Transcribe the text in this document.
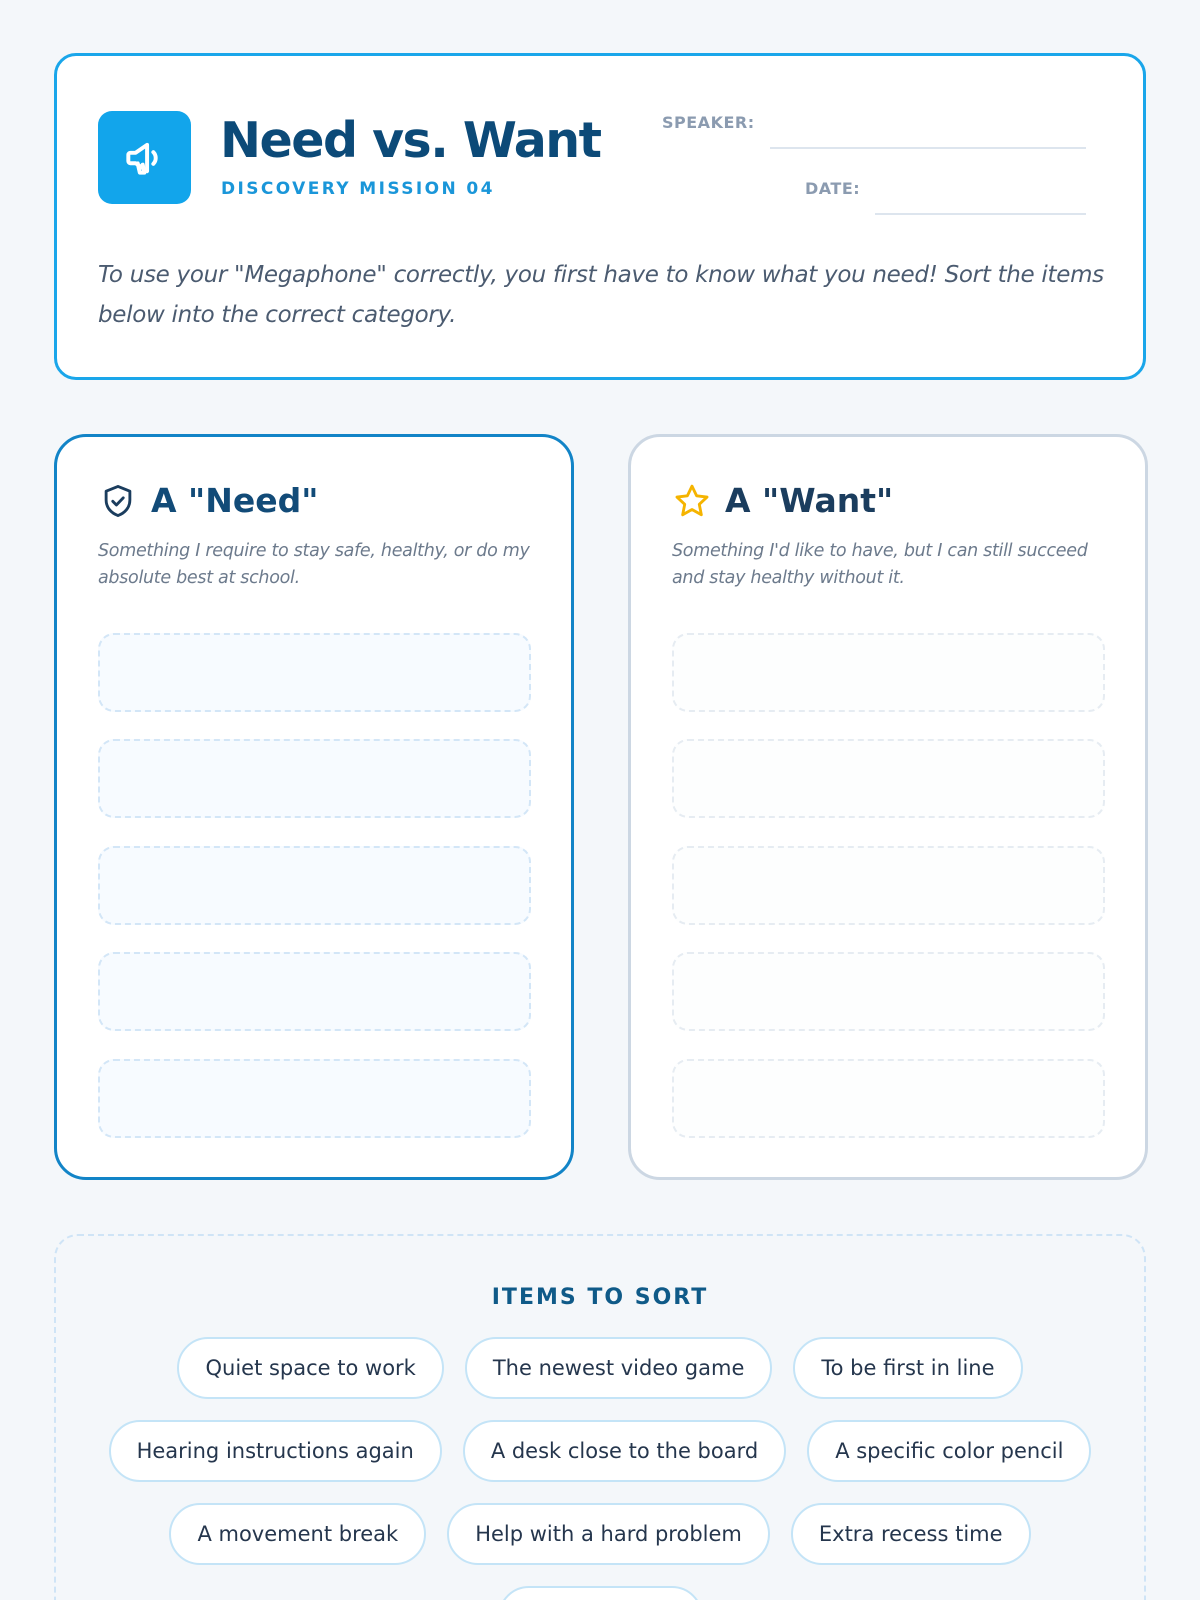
Need vs. Want
DISCOVERY MISSION 04
SPEAKER:
DATE:
To use your "Megaphone" correctly, you first have to know what you need! Sort the items below into the correct category.
A "Need"
Something I require to stay safe, healthy, or do my absolute best at school.
A "Want"
Something I'd like to have, but I can still succeed and stay healthy without it.
ITEMS TO SORT
Quiet space to work	The newest video game	To be first in line
Hearing instructions again	A desk close to the board	A specific color pencil
A movement break	Help with a hard problem	Extra recess time
